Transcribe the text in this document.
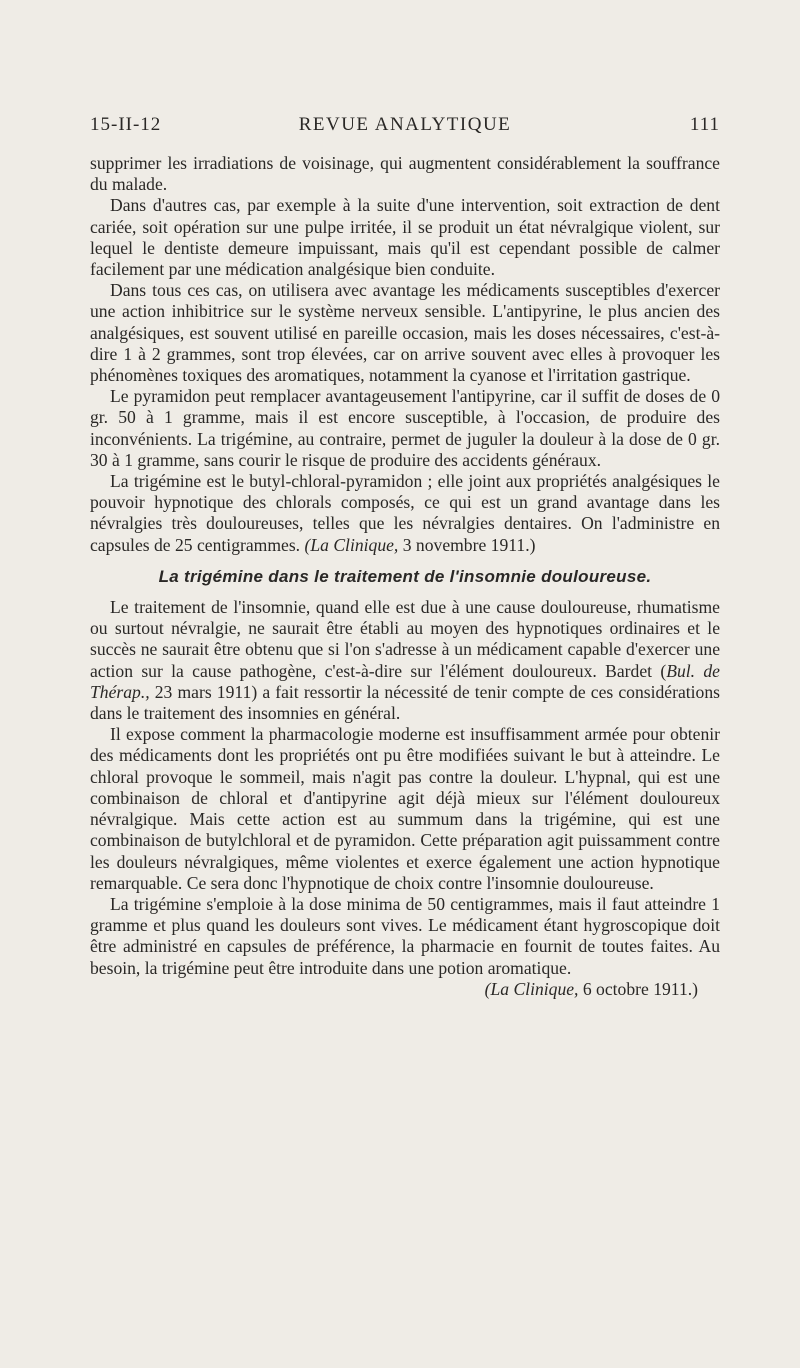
15-II-12	REVUE ANALYTIQUE	111

supprimer les irradiations de voisinage, qui augmentent considérablement la souffrance du malade.

Dans d'autres cas, par exemple à la suite d'une intervention, soit extraction de dent cariée, soit opération sur une pulpe irritée, il se produit un état névralgique violent, sur lequel le dentiste demeure impuissant, mais qu'il est cependant possible de calmer facilement par une médication analgésique bien conduite.

Dans tous ces cas, on utilisera avec avantage les médicaments susceptibles d'exercer une action inhibitrice sur le système nerveux sensible. L'antipyrine, le plus ancien des analgésiques, est souvent utilisé en pareille occasion, mais les doses nécessaires, c'est-à-dire 1 à 2 grammes, sont trop élevées, car on arrive souvent avec elles à provoquer les phénomènes toxiques des aromatiques, notamment la cyanose et l'irritation gastrique.

Le pyramidon peut remplacer avantageusement l'antipyrine, car il suffit de doses de 0 gr. 50 à 1 gramme, mais il est encore susceptible, à l'occasion, de produire des inconvénients. La trigémine, au contraire, permet de juguler la douleur à la dose de 0 gr. 30 à 1 gramme, sans courir le risque de produire des accidents généraux.

La trigémine est le butyl-chloral-pyramidon ; elle joint aux propriétés analgésiques le pouvoir hypnotique des chlorals composés, ce qui est un grand avantage dans les névralgies très douloureuses, telles que les névralgies dentaires. On l'administre en capsules de 25 centigrammes. (La Clinique, 3 novembre 1911.)

La trigémine dans le traitement de l'insomnie douloureuse.

Le traitement de l'insomnie, quand elle est due à une cause douloureuse, rhumatisme ou surtout névralgie, ne saurait être établi au moyen des hypnotiques ordinaires et le succès ne saurait être obtenu que si l'on s'adresse à un médicament capable d'exercer une action sur la cause pathogène, c'est-à-dire sur l'élément douloureux. Bardet (Bul. de Thérap., 23 mars 1911) a fait ressortir la nécessité de tenir compte de ces considérations dans le traitement des insomnies en général.

Il expose comment la pharmacologie moderne est insuffisamment armée pour obtenir des médicaments dont les propriétés ont pu être modifiées suivant le but à atteindre. Le chloral provoque le sommeil, mais n'agit pas contre la douleur. L'hypnal, qui est une combinaison de chloral et d'antipyrine agit déjà mieux sur l'élément douloureux névralgique. Mais cette action est au summum dans la trigémine, qui est une combinaison de butylchloral et de pyramidon. Cette préparation agit puissamment contre les douleurs névralgiques, même violentes et exerce également une action hypnotique remarquable. Ce sera donc l'hypnotique de choix contre l'insomnie douloureuse.

La trigémine s'emploie à la dose minima de 50 centigrammes, mais il faut atteindre 1 gramme et plus quand les douleurs sont vives. Le médicament étant hygroscopique doit être administré en capsules de préférence, la pharmacie en fournit de toutes faites. Au besoin, la trigémine peut être introduite dans une potion aromatique.

(La Clinique, 6 octobre 1911.)
